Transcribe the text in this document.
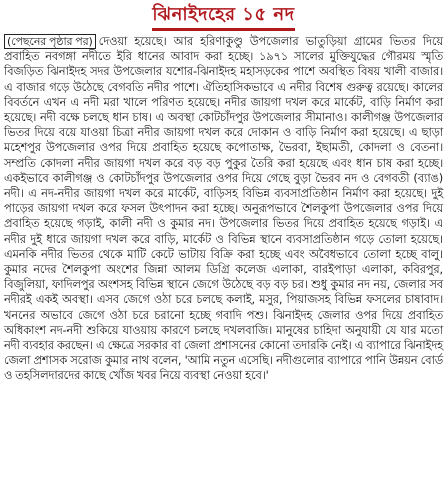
ঝিনাইদহের ১৫ নদ

(পেছনের পৃষ্ঠার পর) দেওয়া হয়েছে। আর হরিণাকুণ্ডু উপজেলার ভাতুড়িয়া গ্রামের ভিতর দিয়ে প্রবাহিত নবগঙ্গা নদীতে ইরি ধানের আবাদ করা হচ্ছে। ১৯৭১ সালের মুক্তিযুদ্ধের গৌরময় স্মৃতি বিজড়িত ঝিনাইদহ সদর উপজেলার যশোর-ঝিনাইদহ মহাসড়কের পাশে অবস্থিত বিষয় খালী বাজার। এ বাজার গড়ে উঠেছে বেগবতি নদীর পাশে। ঐতিহাসিকভাবে এ নদীর বিশেষ গুরুত্ব রয়েছে। কালের বিবর্তনে এখন এ নদী মরা খালে পরিণত হয়েছে। নদীর জায়গা দখল করে মার্কেট, বাড়ি নির্মাণ করা হয়েছে। নদী বক্ষে চলছে ধান চাষ। এ অবস্থা কোটচাঁদপুর উপজেলার সীমানাও। কালীগঞ্জ উপজেলার ভিতর দিয়ে বয়ে যাওয়া চিত্রা নদীর জায়গা দখল করে দোকান ও বাড়ি নির্মাণ করা হয়েছে। এ ছাড়া মহেশপুর উপজেলার ওপর দিয়ে প্রবাহিত হয়েছে কপোতাক্ষ, ভৈরবা, ইছামতী, কোদলা ও বেতনা। সম্প্রতি কোদলা নদীর জায়গা দখল করে বড় বড় পুকুর তৈরি করা হয়েছে এবং ধান চাষ করা হচ্ছে। একইভাবে কালীগঞ্জ ও কোটচাঁদপুর উপজেলার ওপর দিয়ে গেছে বুড়া ভৈরব নদ ও বেগবতী (ব্যাঙ) নদী। এ নদ-নদীর জায়গা দখল করে মার্কেট, বাড়িসহ বিভিন্ন ব্যবসাপ্রতিষ্ঠান নির্মাণ করা হয়েছে। দুই পাড়ের জায়গা দখল করে ফসল উৎপাদন করা হচ্ছে। অনুরূপভাবে শৈলকুপা উপজেলার ওপর দিয়ে প্রবাহিত হয়েছে গড়াই, কালী নদী ও কুমার নদ। উপজেলার ভিতর দিয়ে প্রবাহিত হয়েছে গড়াই। এ নদীর দুই ধারে জায়গা দখল করে বাড়ি, মার্কেট ও বিভিন্ন স্থানে ব্যবসাপ্রতিষ্ঠান গড়ে তোলা হয়েছে। এমনকি নদীর ভিতর থেকে মাটি কেটে ভাটায় বিক্রি করা হচ্ছে এবং অবৈধভাবে তোলা হচ্ছে বালু। কুমার নদের শৈলকুপা অংশের জিন্না আলম ডিগ্রি কলেজ এলাকা, বারইপাড়া এলাকা, কবিরপুর, বিজুলিয়া, ফাদিলপুর অংশসহ বিভিন্ন স্থানে জেগে উঠেছে বড় বড় চর। শুধু কুমার নদ নয়, জেলার সব নদীরই একই অবস্থা। এসব জেগে ওঠা চরে চলছে কলাই, মসুর, পিয়াজসহ বিভিন্ন ফসলের চাষাবাদ। খননের অভাবে জেগে ওঠা চরে চরানো হচ্ছে গবাদি পশু। ঝিনাইদহ জেলার ওপর দিয়ে প্রবাহিত অধিকাংশ নদ-নদী শুকিয়ে যাওয়ায় কারণে চলছে দখলবাজি। মানুষের চাহিদা অনুযায়ী যে যার মতো নদী ব্যবহার করছেন। এ ক্ষেত্রে সরকার বা জেলা প্রশাসনের কোনো তদারকি নেই। এ ব্যাপারে ঝিনাইদহ জেলা প্রশাসক সরোজ কুমার নাথ বলেন, 'আমি নতুন এসেছি। নদীগুলোর ব্যাপারে পানি উন্নয়ন বোর্ড ও তহসিলদারদের কাছে খোঁজ খবর নিয়ে ব্যবস্থা নেওয়া হবে।'
